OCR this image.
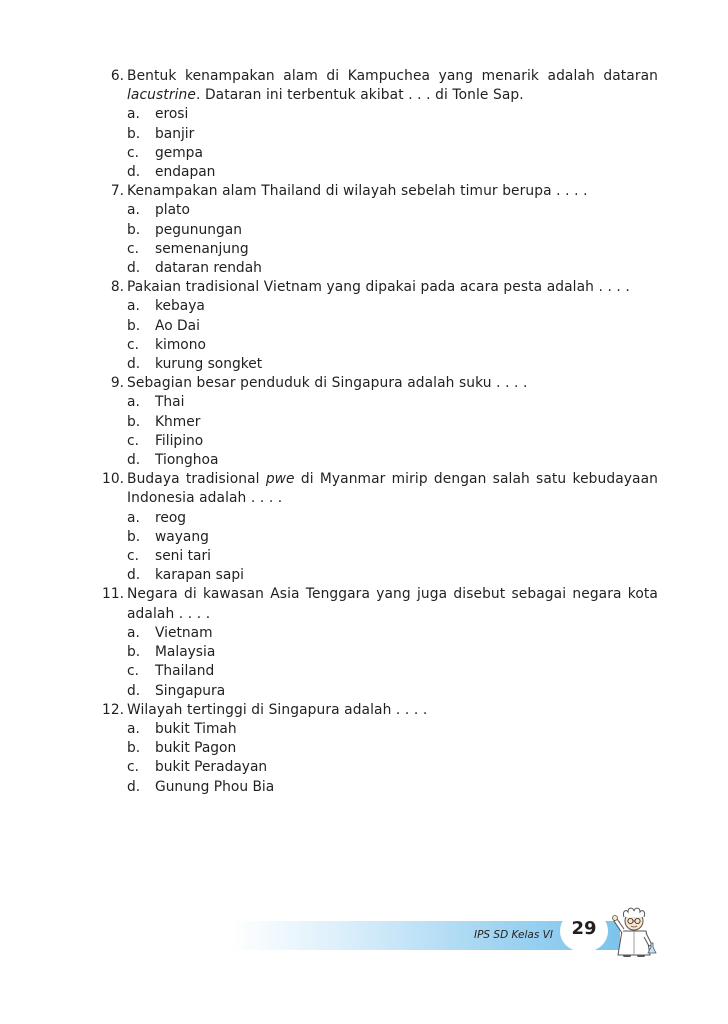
6. Bentuk kenampakan alam di Kampuchea yang menarik adalah dataran
lacustrine. Dataran ini terbentuk akibat . . . di Tonle Sap.
a. erosi
b. banjir
c. gempa
d. endapan
7. Kenampakan alam Thailand di wilayah sebelah timur berupa . . . .
a. plato
b. pegunungan
c. semenanjung
d. dataran rendah
8. Pakaian tradisional Vietnam yang dipakai pada acara pesta adalah . . . .
a. kebaya
b. Ao Dai
c. kimono
d. kurung songket
9. Sebagian besar penduduk di Singapura adalah suku . . . .
a. Thai
b. Khmer
c. Filipino
d. Tionghoa
10. Budaya tradisional pwe di Myanmar mirip dengan salah satu kebudayaan
Indonesia adalah . . . .
a. reog
b. wayang
c. seni tari
d. karapan sapi
11. Negara di kawasan Asia Tenggara yang juga disebut sebagai negara kota
adalah . . . .
a. Vietnam
b. Malaysia
c. Thailand
d. Singapura
12. Wilayah tertinggi di Singapura adalah . . . .
a. bukit Timah
b. bukit Pagon
c. bukit Peradayan
d. Gunung Phou Bia
IPS SD Kelas VI	29
